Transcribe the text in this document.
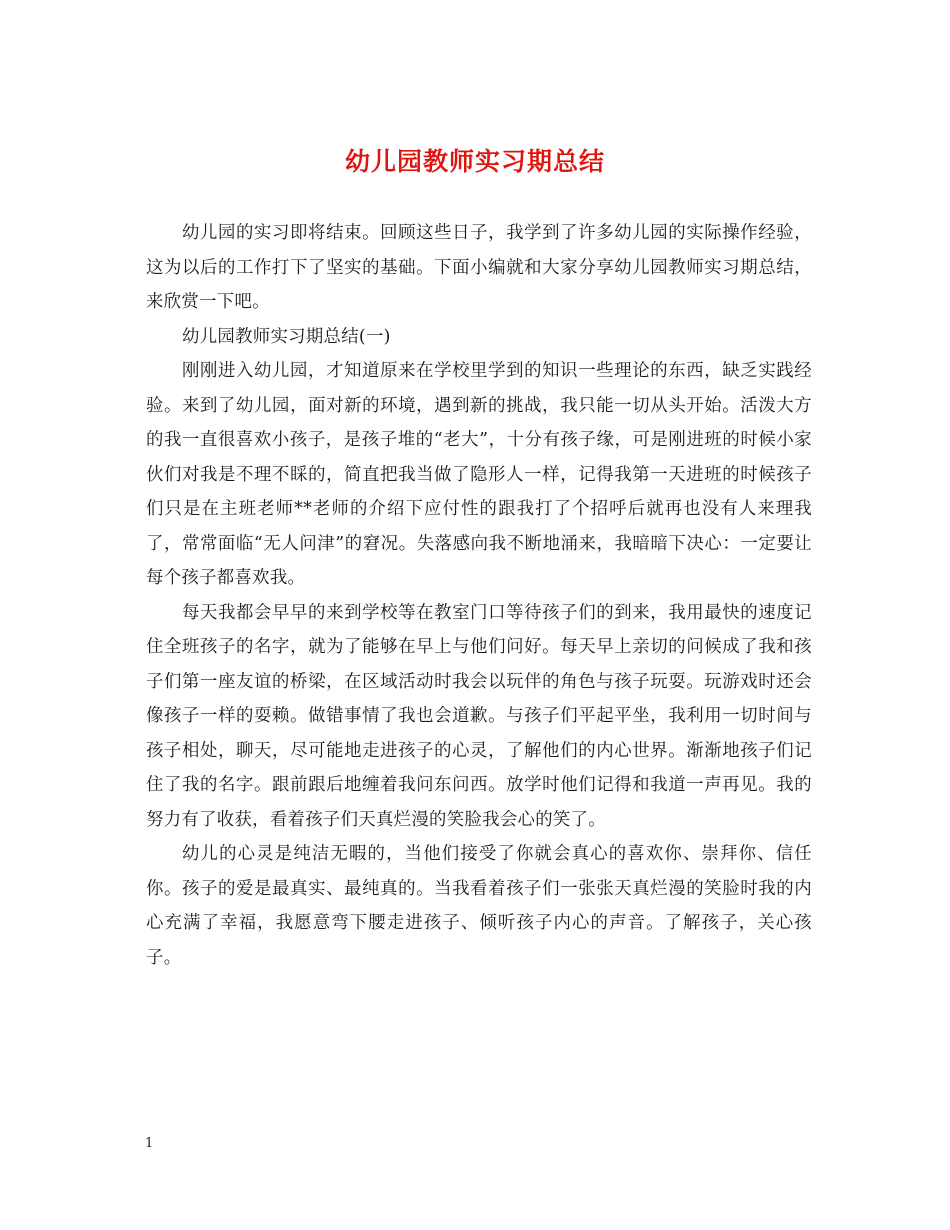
幼儿园教师实习期总结

幼儿园的实习即将结束。回顾这些日子，我学到了许多幼儿园的实际操作经验，这为以后的工作打下了坚实的基础。下面小编就和大家分享幼儿园教师实习期总结，来欣赏一下吧。

幼儿园教师实习期总结(一)

刚刚进入幼儿园，才知道原来在学校里学到的知识一些理论的东西，缺乏实践经验。来到了幼儿园，面对新的环境，遇到新的挑战，我只能一切从头开始。活泼大方的我一直很喜欢小孩子，是孩子堆的“老大”，十分有孩子缘，可是刚进班的时候小家伙们对我是不理不睬的，简直把我当做了隐形人一样，记得我第一天进班的时候孩子们只是在主班老师**老师的介绍下应付性的跟我打了个招呼后就再也没有人来理我了，常常面临“无人问津”的窘况。失落感向我不断地涌来，我暗暗下决心：一定要让每个孩子都喜欢我。

每天我都会早早的来到学校等在教室门口等待孩子们的到来，我用最快的速度记住全班孩子的名字，就为了能够在早上与他们问好。每天早上亲切的问候成了我和孩子们第一座友谊的桥梁，在区域活动时我会以玩伴的角色与孩子玩耍。玩游戏时还会像孩子一样的耍赖。做错事情了我也会道歉。与孩子们平起平坐，我利用一切时间与孩子相处，聊天，尽可能地走进孩子的心灵，了解他们的内心世界。渐渐地孩子们记住了我的名字。跟前跟后地缠着我问东问西。放学时他们记得和我道一声再见。我的努力有了收获，看着孩子们天真烂漫的笑脸我会心的笑了。

幼儿的心灵是纯洁无暇的，当他们接受了你就会真心的喜欢你、崇拜你、信任你。孩子的爱是最真实、最纯真的。当我看着孩子们一张张天真烂漫的笑脸时我的内心充满了幸福，我愿意弯下腰走进孩子、倾听孩子内心的声音。了解孩子，关心孩子。

1
